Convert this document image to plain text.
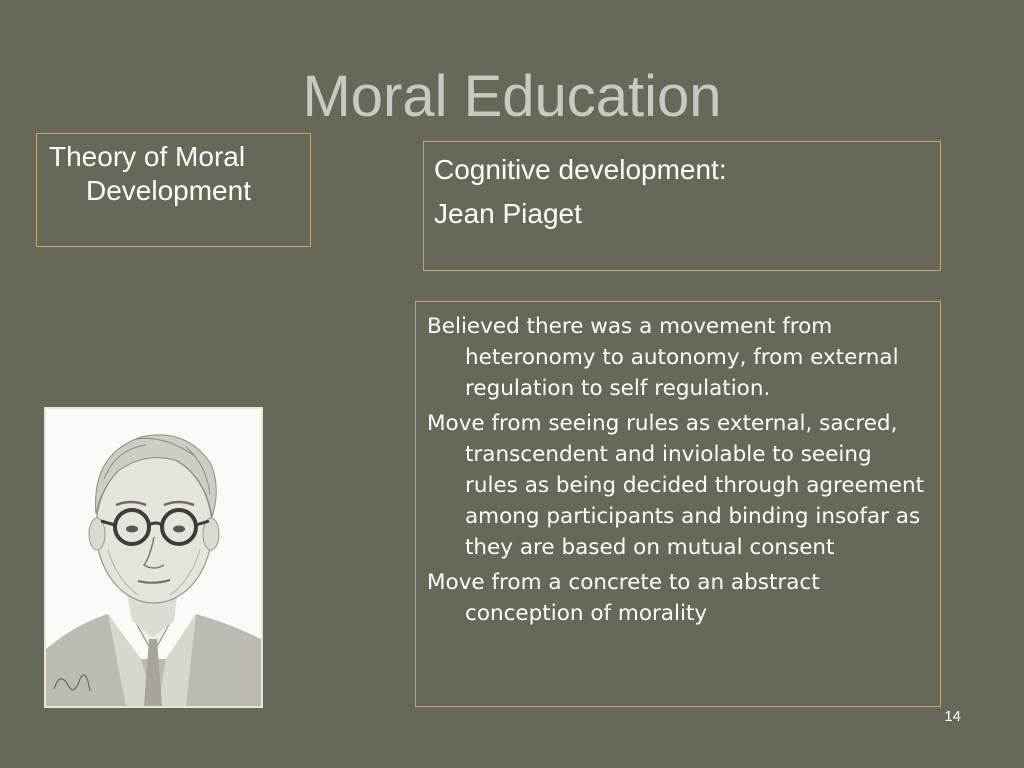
Moral Education

Theory of Moral Development

Cognitive development:
Jean Piaget

Believed there was a movement from heteronomy to autonomy, from external regulation to self regulation.

Move from seeing rules as external, sacred, transcendent and inviolable to seeing rules as being decided through agreement among participants and binding insofar as they are based on mutual consent

Move from a concrete to an abstract conception of morality

14
